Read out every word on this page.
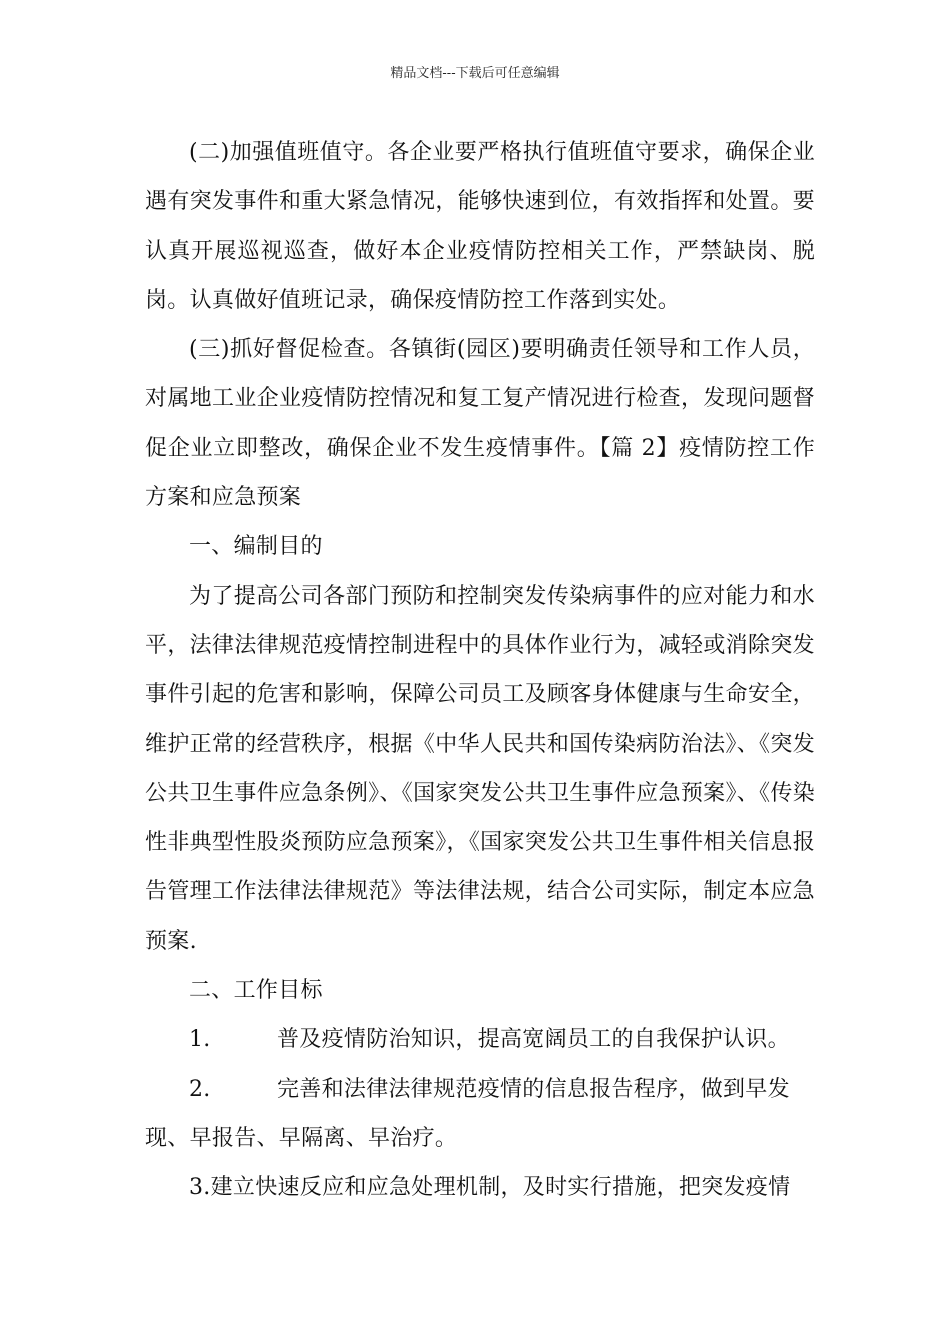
精品文档---下载后可任意编辑

(二)加强值班值守。各企业要严格执行值班值守要求，确保企业遇有突发事件和重大紧急情况，能够快速到位，有效指挥和处置。要认真开展巡视巡查，做好本企业疫情防控相关工作，严禁缺岗、脱岗。认真做好值班记录，确保疫情防控工作落到实处。

(三)抓好督促检查。各镇街(园区)要明确责任领导和工作人员，对属地工业企业疫情防控情况和复工复产情况进行检查，发现问题督促企业立即整改，确保企业不发生疫情事件。【篇 2】疫情防控工作方案和应急预案

一、编制目的

为了提高公司各部门预防和控制突发传染病事件的应对能力和水平，法律法律规范疫情控制进程中的具体作业行为，减轻或消除突发事件引起的危害和影响，保障公司员工及顾客身体健康与生命安全，维护正常的经营秩序，根据《中华人民共和国传染病防治法》、《突发公共卫生事件应急条例》、《国家突发公共卫生事件应急预案》、《传染性非典型性股炎预防应急预案》，《国家突发公共卫生事件相关信息报告管理工作法律法律规范》等法律法规，结合公司实际，制定本应急预案.

二、工作目标

1.	普及疫情防治知识，提高宽阔员工的自我保护认识。

2.	完善和法律法律规范疫情的信息报告程序，做到早发现、早报告、早隔离、早治疗。

3.建立快速反应和应急处理机制，及时实行措施，把突发疫情
